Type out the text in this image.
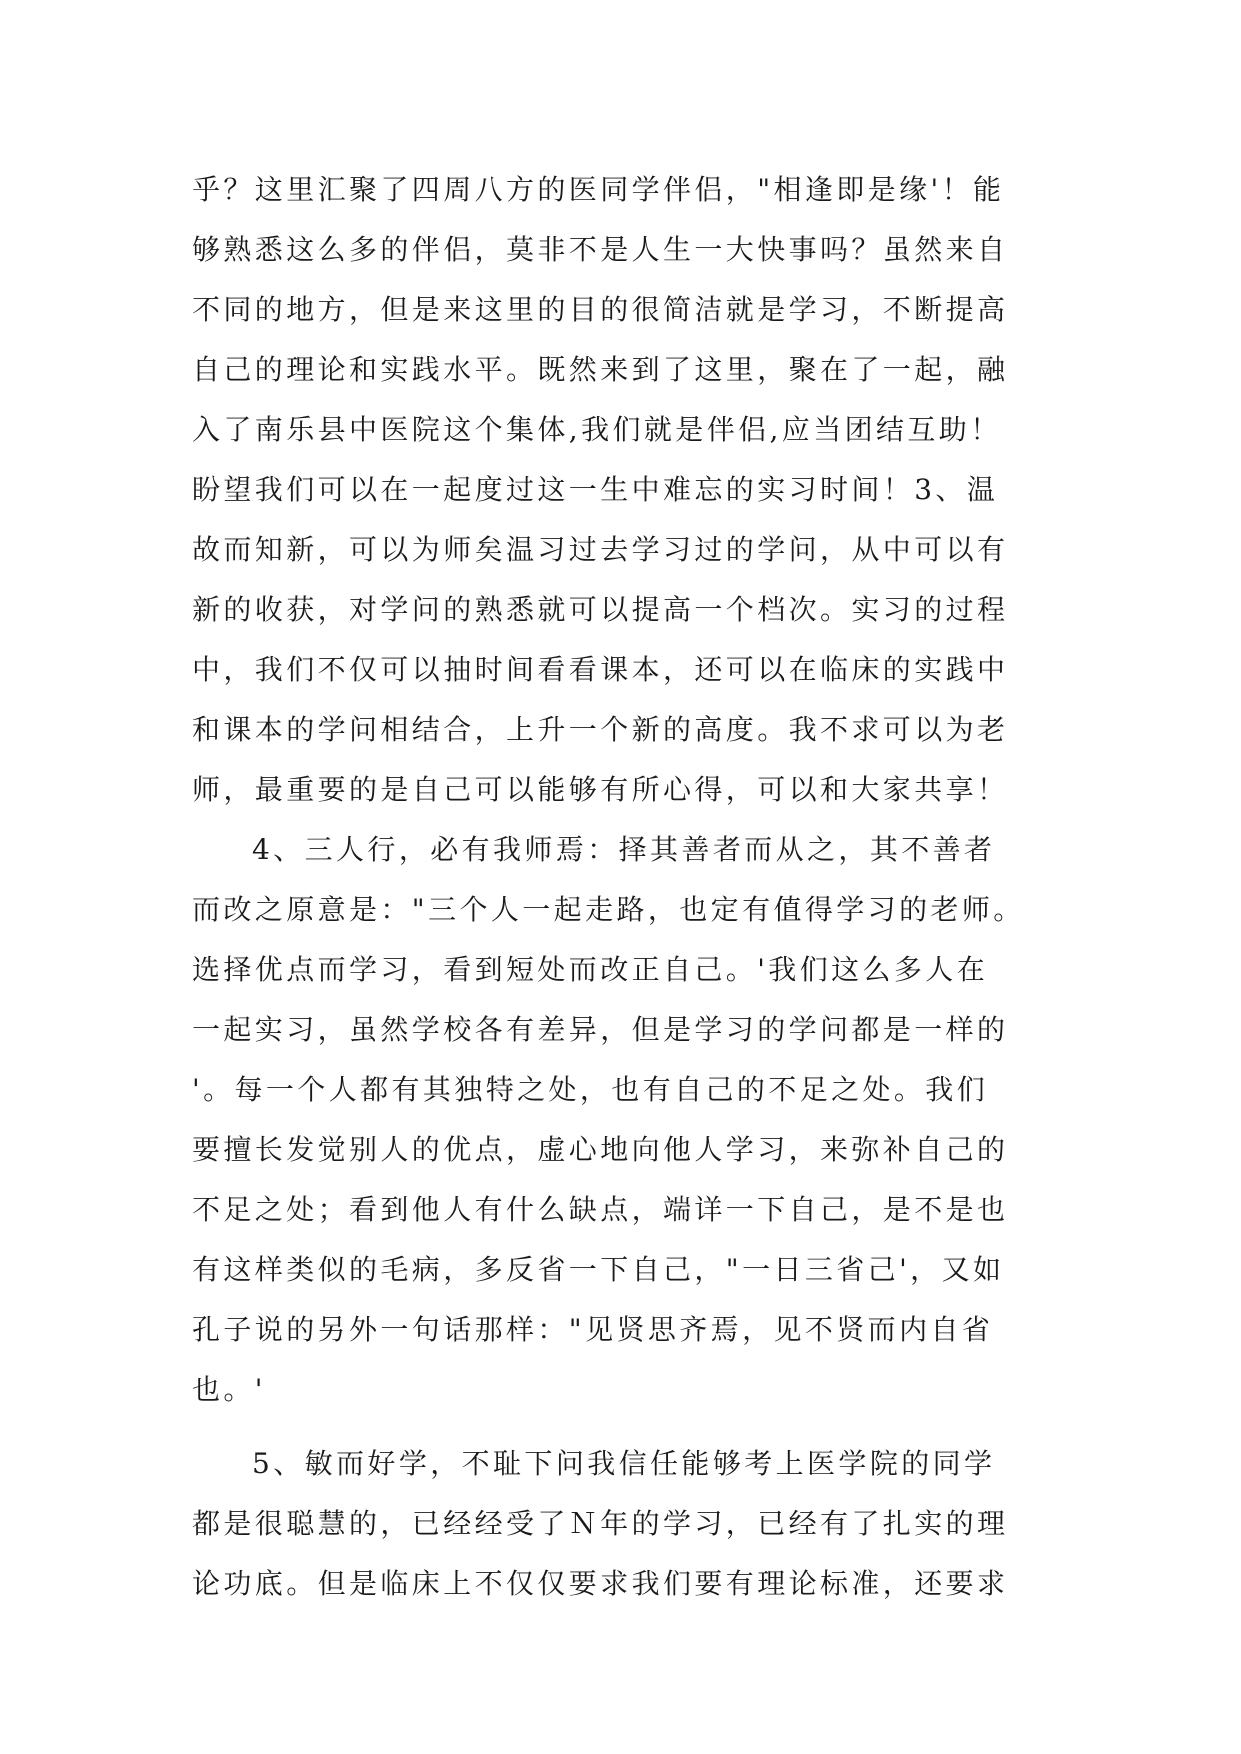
乎？这里汇聚了四周八方的医同学伴侣，"相逢即是缘'！能

够熟悉这么多的伴侣，莫非不是人生一大快事吗？虽然来自

不同的地方，但是来这里的目的很简洁就是学习，不断提高

自己的理论和实践水平。既然来到了这里，聚在了一起，融

入了南乐县中医院这个集体,我们就是伴侣,应当团结互助！

盼望我们可以在一起度过这一生中难忘的实习时间！3、温

故而知新，可以为师矣温习过去学习过的学问，从中可以有

新的收获，对学问的熟悉就可以提高一个档次。实习的过程

中，我们不仅可以抽时间看看课本，还可以在临床的实践中

和课本的学问相结合，上升一个新的高度。我不求可以为老

师，最重要的是自己可以能够有所心得，可以和大家共享！

4、三人行，必有我师焉：择其善者而从之，其不善者

而改之原意是："三个人一起走路，也定有值得学习的老师。

选择优点而学习，看到短处而改正自己。'我们这么多人在

一起实习，虽然学校各有差异，但是学习的学问都是一样的

'。每一个人都有其独特之处，也有自己的不足之处。我们

要擅长发觉别人的优点，虚心地向他人学习，来弥补自己的

不足之处；看到他人有什么缺点，端详一下自己，是不是也

有这样类似的毛病，多反省一下自己，"一日三省己'，又如

孔子说的另外一句话那样："见贤思齐焉，见不贤而内自省

也。'

5、敏而好学，不耻下问我信任能够考上医学院的同学

都是很聪慧的，已经经受了Ｎ年的学习，已经有了扎实的理

论功底。但是临床上不仅仅要求我们要有理论标准，还要求
